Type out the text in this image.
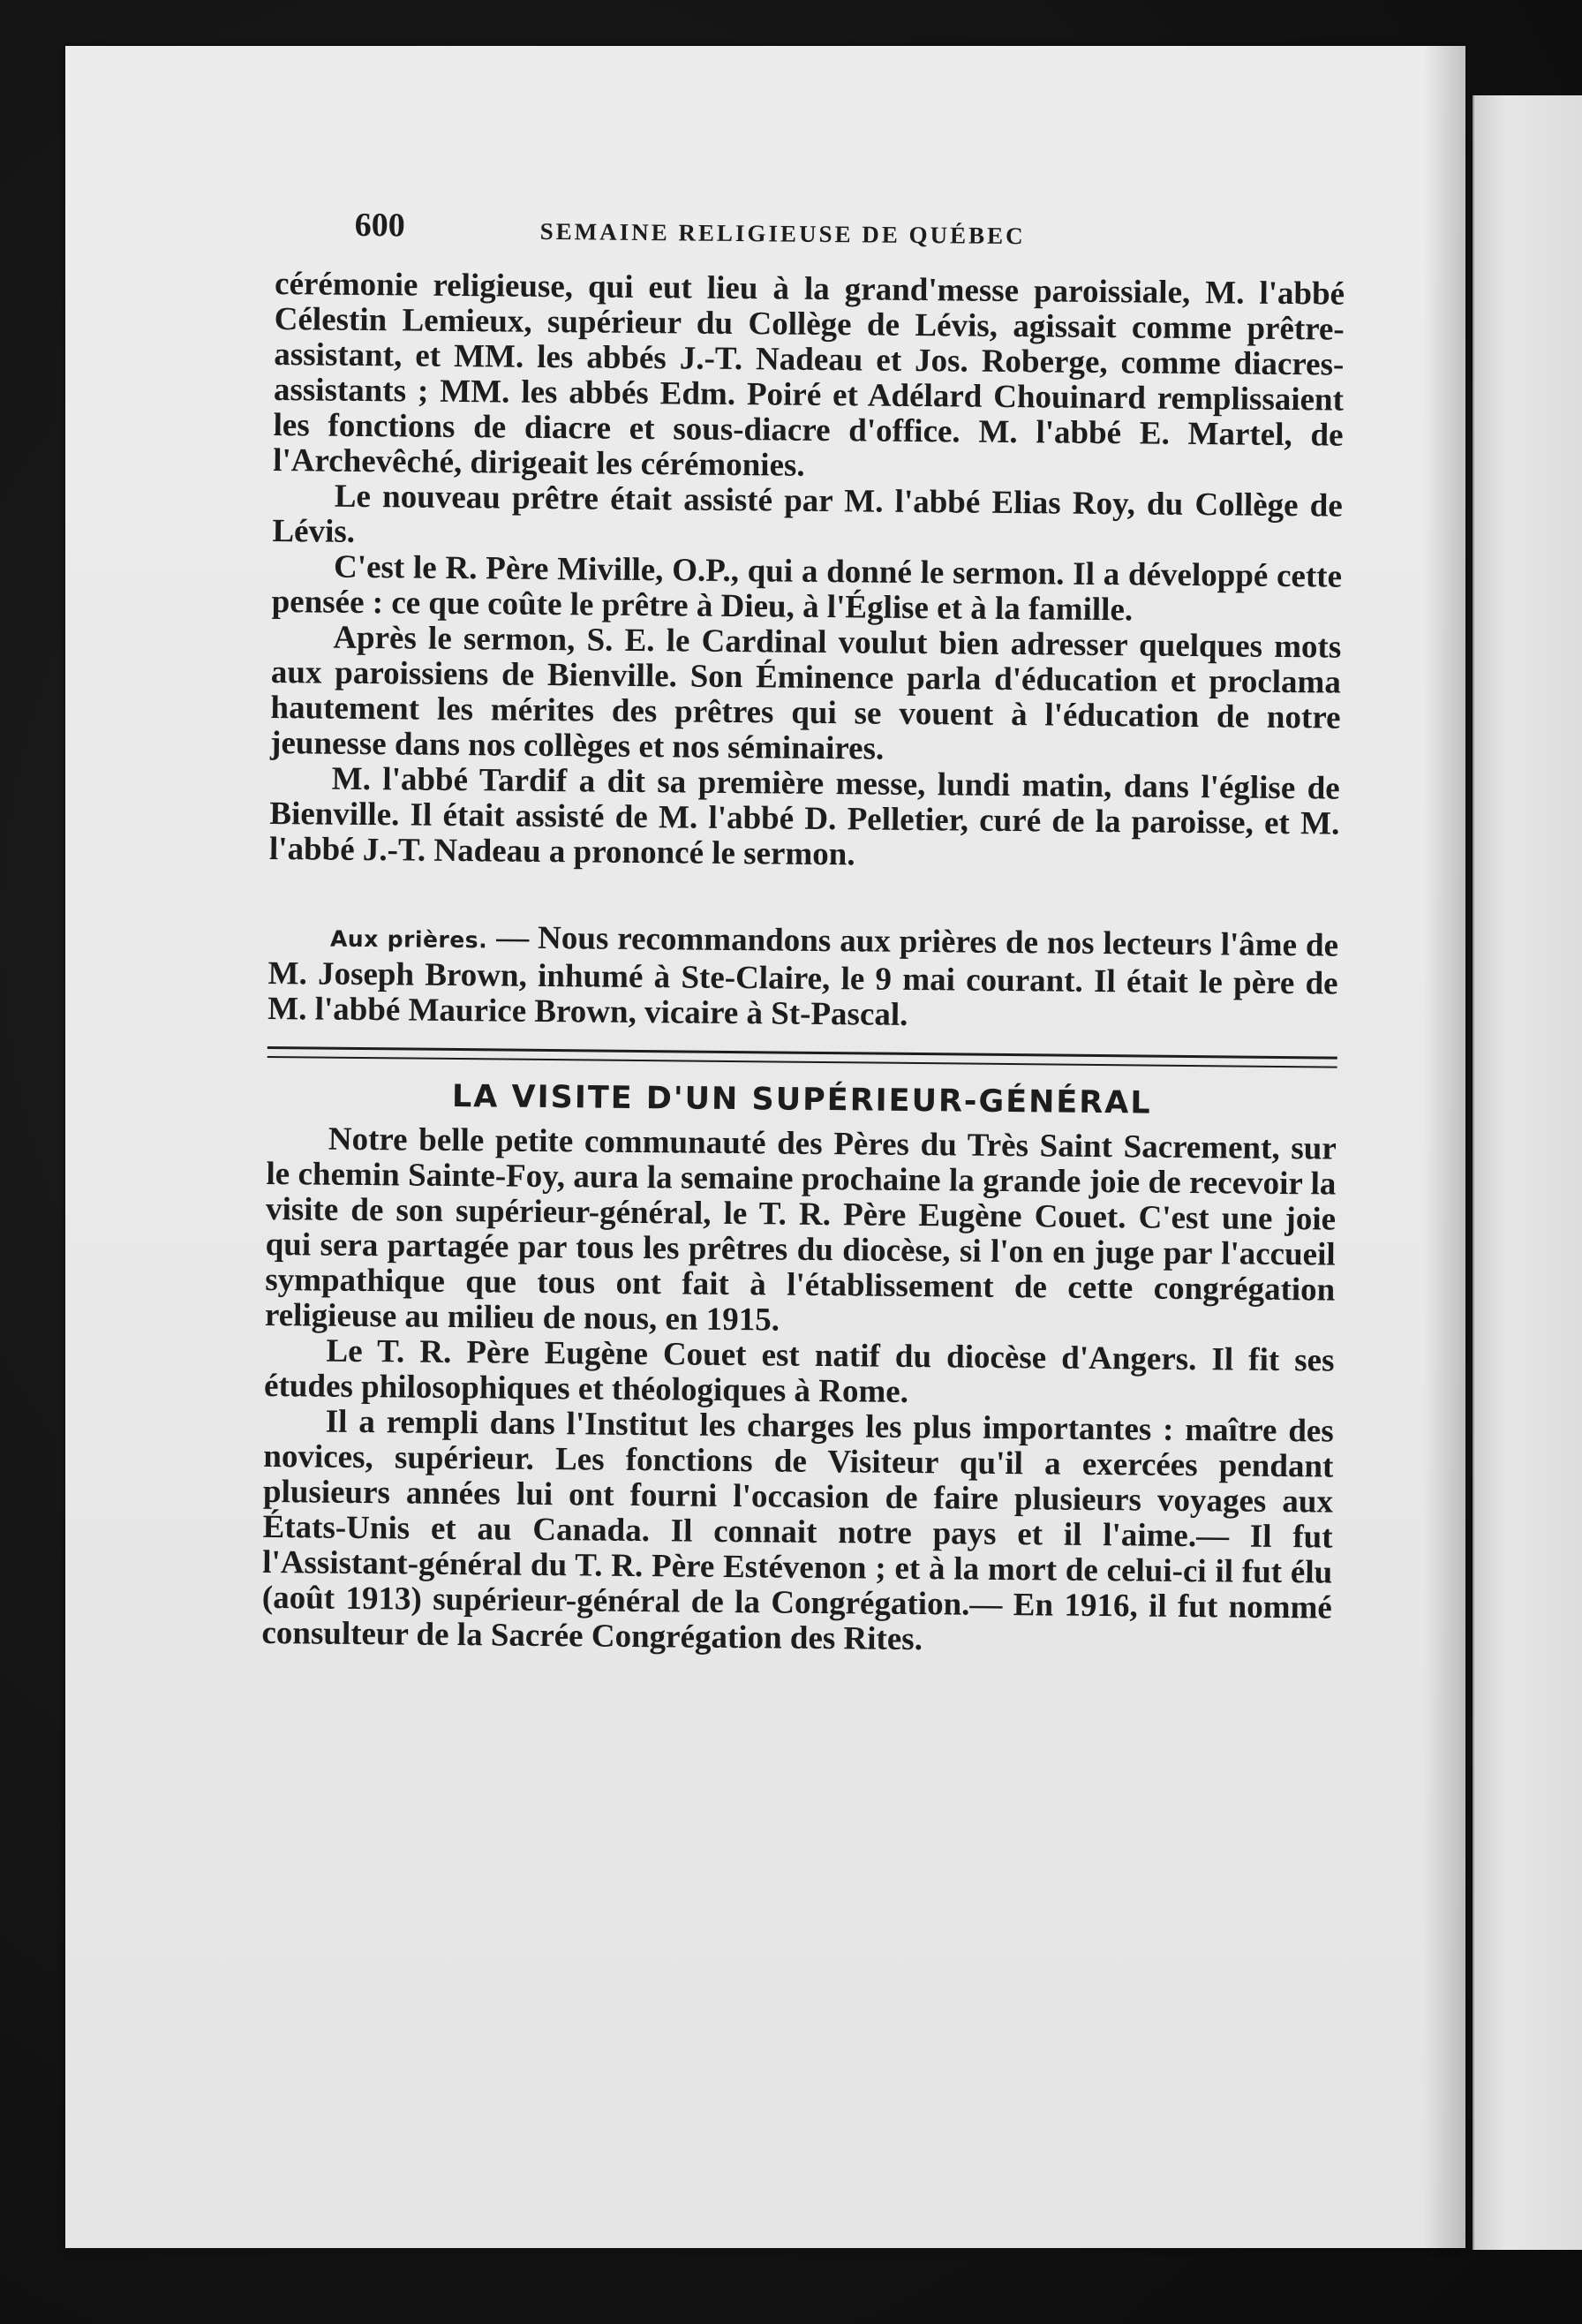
600	SEMAINE RELIGIEUSE DE QUÉBEC

cérémonie religieuse, qui eut lieu à la grand'messe paroissiale, M. l'abbé Célestin Lemieux, supérieur du Collège de Lévis, agissait comme prêtre-assistant, et MM. les abbés J.-T. Nadeau et Jos. Roberge, comme diacres-assistants ; MM. les abbés Edm. Poiré et Adélard Chouinard remplissaient les fonctions de diacre et sous-diacre d'office. M. l'abbé E. Martel, de l'Archevêché, dirigeait les cérémonies.

Le nouveau prêtre était assisté par M. l'abbé Elias Roy, du Collège de Lévis.

C'est le R. Père Miville, O.P., qui a donné le sermon. Il a développé cette pensée : ce que coûte le prêtre à Dieu, à l'Église et à la famille.

Après le sermon, S. E. le Cardinal voulut bien adresser quelques mots aux paroissiens de Bienville. Son Éminence parla d'éducation et proclama hautement les mérites des prêtres qui se vouent à l'éducation de notre jeunesse dans nos collèges et nos séminaires.

M. l'abbé Tardif a dit sa première messe, lundi matin, dans l'église de Bienville. Il était assisté de M. l'abbé D. Pelletier, curé de la paroisse, et M. l'abbé J.-T. Nadeau a prononcé le sermon.

Aux prières. — Nous recommandons aux prières de nos lecteurs l'âme de M. Joseph Brown, inhumé à Ste-Claire, le 9 mai courant. Il était le père de M. l'abbé Maurice Brown, vicaire à St-Pascal.

LA VISITE D'UN SUPÉRIEUR-GÉNÉRAL

Notre belle petite communauté des Pères du Très Saint Sacrement, sur le chemin Sainte-Foy, aura la semaine prochaine la grande joie de recevoir la visite de son supérieur-général, le T. R. Père Eugène Couet. C'est une joie qui sera partagée par tous les prêtres du diocèse, si l'on en juge par l'accueil sympathique que tous ont fait à l'établissement de cette congrégation religieuse au milieu de nous, en 1915.

Le T. R. Père Eugène Couet est natif du diocèse d'Angers. Il fit ses études philosophiques et théologiques à Rome.

Il a rempli dans l'Institut les charges les plus importantes : maître des novices, supérieur. Les fonctions de Visiteur qu'il a exercées pendant plusieurs années lui ont fourni l'occasion de faire plusieurs voyages aux États-Unis et au Canada. Il connait notre pays et il l'aime.— Il fut l'Assistant-général du T. R. Père Estévenon ; et à la mort de celui-ci il fut élu (août 1913) supérieur-général de la Congrégation.— En 1916, il fut nommé consulteur de la Sacrée Congrégation des Rites.
